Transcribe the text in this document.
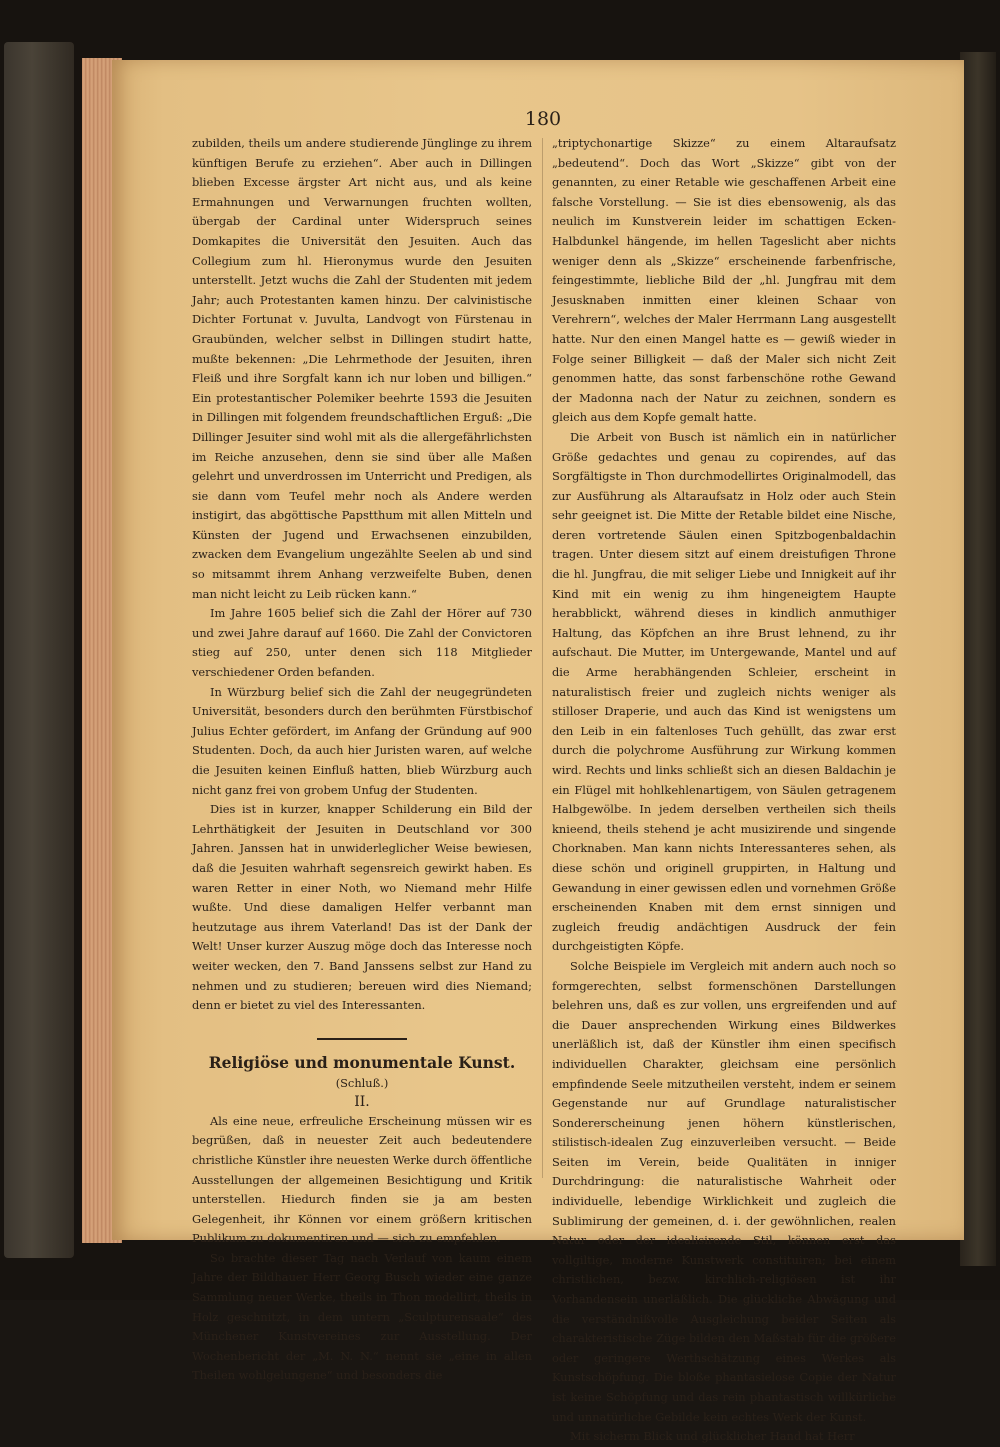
180

zubilden, theils um andere studierende Jünglinge zu ihrem künftigen Berufe zu erziehen“. Aber auch in Dillingen blieben Excesse ärgster Art nicht aus, und als keine Ermahnungen und Verwarnungen fruchten wollten, übergab der Cardinal unter Widerspruch seines Domkapites die Universität den Jesuiten. Auch das Collegium zum hl. Hieronymus wurde den Jesuiten unterstellt. Jetzt wuchs die Zahl der Studenten mit jedem Jahr; auch Protestanten kamen hinzu. Der calvinistische Dichter Fortunat v. Juvulta, Landvogt von Fürstenau in Graubünden, welcher selbst in Dillingen studirt hatte, mußte bekennen: „Die Lehrmethode der Jesuiten, ihren Fleiß und ihre Sorgfalt kann ich nur loben und billigen.“ Ein protestantischer Polemiker beehrte 1593 die Jesuiten in Dillingen mit folgendem freundschaftlichen Erguß: „Die Dillinger Jesuiter sind wohl mit als die allergefährlichsten im Reiche anzusehen, denn sie sind über alle Maßen gelehrt und unverdrossen im Unterricht und Predigen, als sie dann vom Teufel mehr noch als Andere werden instigirt, das abgöttische Papstthum mit allen Mitteln und Künsten der Jugend und Erwachsenen einzubilden, zwacken dem Evangelium ungezählte Seelen ab und sind so mitsammt ihrem Anhang verzweifelte Buben, denen man nicht leicht zu Leib rücken kann.“

Im Jahre 1605 belief sich die Zahl der Hörer auf 730 und zwei Jahre darauf auf 1660. Die Zahl der Convictoren stieg auf 250, unter denen sich 118 Mitglieder verschiedener Orden befanden.

In Würzburg belief sich die Zahl der neugegründeten Universität, besonders durch den berühmten Fürstbischof Julius Echter gefördert, im Anfang der Gründung auf 900 Studenten. Doch, da auch hier Juristen waren, auf welche die Jesuiten keinen Einfluß hatten, blieb Würzburg auch nicht ganz frei von grobem Unfug der Studenten.

Dies ist in kurzer, knapper Schilderung ein Bild der Lehrthätigkeit der Jesuiten in Deutschland vor 300 Jahren. Janssen hat in unwiderleglicher Weise bewiesen, daß die Jesuiten wahrhaft segensreich gewirkt haben. Es waren Retter in einer Noth, wo Niemand mehr Hilfe wußte. Und diese damaligen Helfer verbannt man heutzutage aus ihrem Vaterland! Das ist der Dank der Welt! Unser kurzer Auszug möge doch das Interesse noch weiter wecken, den 7. Band Janssens selbst zur Hand zu nehmen und zu studieren; bereuen wird dies Niemand; denn er bietet zu viel des Interessanten.

Religiöse und monumentale Kunst.

(Schluß.)

II.

Als eine neue, erfreuliche Erscheinung müssen wir es begrüßen, daß in neuester Zeit auch bedeutendere christliche Künstler ihre neuesten Werke durch öffentliche Ausstellungen der allgemeinen Besichtigung und Kritik unterstellen. Hiedurch finden sie ja am besten Gelegenheit, ihr Können vor einem größern kritischen Publikum zu dokumentiren und — sich zu empfehlen.

So brachte dieser Tag nach Verlauf von kaum einem Jahre der Bildhauer Herr Georg Busch wieder eine ganze Sammlung neuer Werke, theils in Thon modellirt, theils in Holz geschnitzt, in dem untern „Sculpturensaale“ des Münchener Kunstvereines zur Ausstellung. Der Wochenbericht der „M. N. N.“ nennt sie „eine in allen Theilen wohlgelungene“ und besonders die

„triptychonartige Skizze“ zu einem Altaraufsatz „bedeutend“. Doch das Wort „Skizze“ gibt von der genannten, zu einer Retable wie geschaffenen Arbeit eine falsche Vorstellung. — Sie ist dies ebensowenig, als das neulich im Kunstverein leider im schattigen Ecken-Halbdunkel hängende, im hellen Tageslicht aber nichts weniger denn als „Skizze“ erscheinende farbenfrische, feingestimmte, liebliche Bild der „hl. Jungfrau mit dem Jesusknaben inmitten einer kleinen Schaar von Verehrern“, welches der Maler Herrmann Lang ausgestellt hatte. Nur den einen Mangel hatte es — gewiß wieder in Folge seiner Billigkeit — daß der Maler sich nicht Zeit genommen hatte, das sonst farbenschöne rothe Gewand der Madonna nach der Natur zu zeichnen, sondern es gleich aus dem Kopfe gemalt hatte.

Die Arbeit von Busch ist nämlich ein in natürlicher Größe gedachtes und genau zu copirendes, auf das Sorgfältigste in Thon durchmodellirtes Originalmodell, das zur Ausführung als Altaraufsatz in Holz oder auch Stein sehr geeignet ist. Die Mitte der Retable bildet eine Nische, deren vortretende Säulen einen Spitzbogenbaldachin tragen. Unter diesem sitzt auf einem dreistufigen Throne die hl. Jungfrau, die mit seliger Liebe und Innigkeit auf ihr Kind mit ein wenig zu ihm hingeneigtem Haupte herabblickt, während dieses in kindlich anmuthiger Haltung, das Köpfchen an ihre Brust lehnend, zu ihr aufschaut. Die Mutter, im Untergewande, Mantel und auf die Arme herabhängenden Schleier, erscheint in naturalistisch freier und zugleich nichts weniger als stilloser Draperie, und auch das Kind ist wenigstens um den Leib in ein faltenloses Tuch gehüllt, das zwar erst durch die polychrome Ausführung zur Wirkung kommen wird. Rechts und links schließt sich an diesen Baldachin je ein Flügel mit hohlkehlenartigem, von Säulen getragenem Halbgewölbe. In jedem derselben vertheilen sich theils knieend, theils stehend je acht musizirende und singende Chorknaben. Man kann nichts Interessanteres sehen, als diese schön und originell gruppirten, in Haltung und Gewandung in einer gewissen edlen und vornehmen Größe erscheinenden Knaben mit dem ernst sinnigen und zugleich freudig andächtigen Ausdruck der fein durchgeistigten Köpfe.

Solche Beispiele im Vergleich mit andern auch noch so formgerechten, selbst formenschönen Darstellungen belehren uns, daß es zur vollen, uns ergreifenden und auf die Dauer ansprechenden Wirkung eines Bildwerkes unerläßlich ist, daß der Künstler ihm einen specifisch individuellen Charakter, gleichsam eine persönlich empfindende Seele mitzutheilen versteht, indem er seinem Gegenstande nur auf Grundlage naturalistischer Sondererscheinung jenen höhern künstlerischen, stilistisch-idealen Zug einzuverleiben versucht. — Beide Seiten im Verein, beide Qualitäten in inniger Durchdringung: die naturalistische Wahrheit oder individuelle, lebendige Wirklichkeit und zugleich die Sublimirung der gemeinen, d. i. der gewöhnlichen, realen Natur oder der idealisirende Stil, können erst das vollgiltige, moderne Kunstwerk constituiren; bei einem christlichen, bezw. kirchlich-religiösen ist ihr Vorhandensein unerläßlich. Die glückliche Abwägung und die verständnißvolle Ausgleichung beider Seiten als charakteristische Züge bilden den Maßstab für die größere oder geringere Werthschätzung eines Werkes als Kunstschöpfung. Die bloße phantasielose Copie der Natur ist keine Schöpfung und das rein phantastisch willkürliche und unnatürliche Gebilde kein echtes Werk der Kunst.

Mit sicherm Blick und glücklicher Hand hat Herr
